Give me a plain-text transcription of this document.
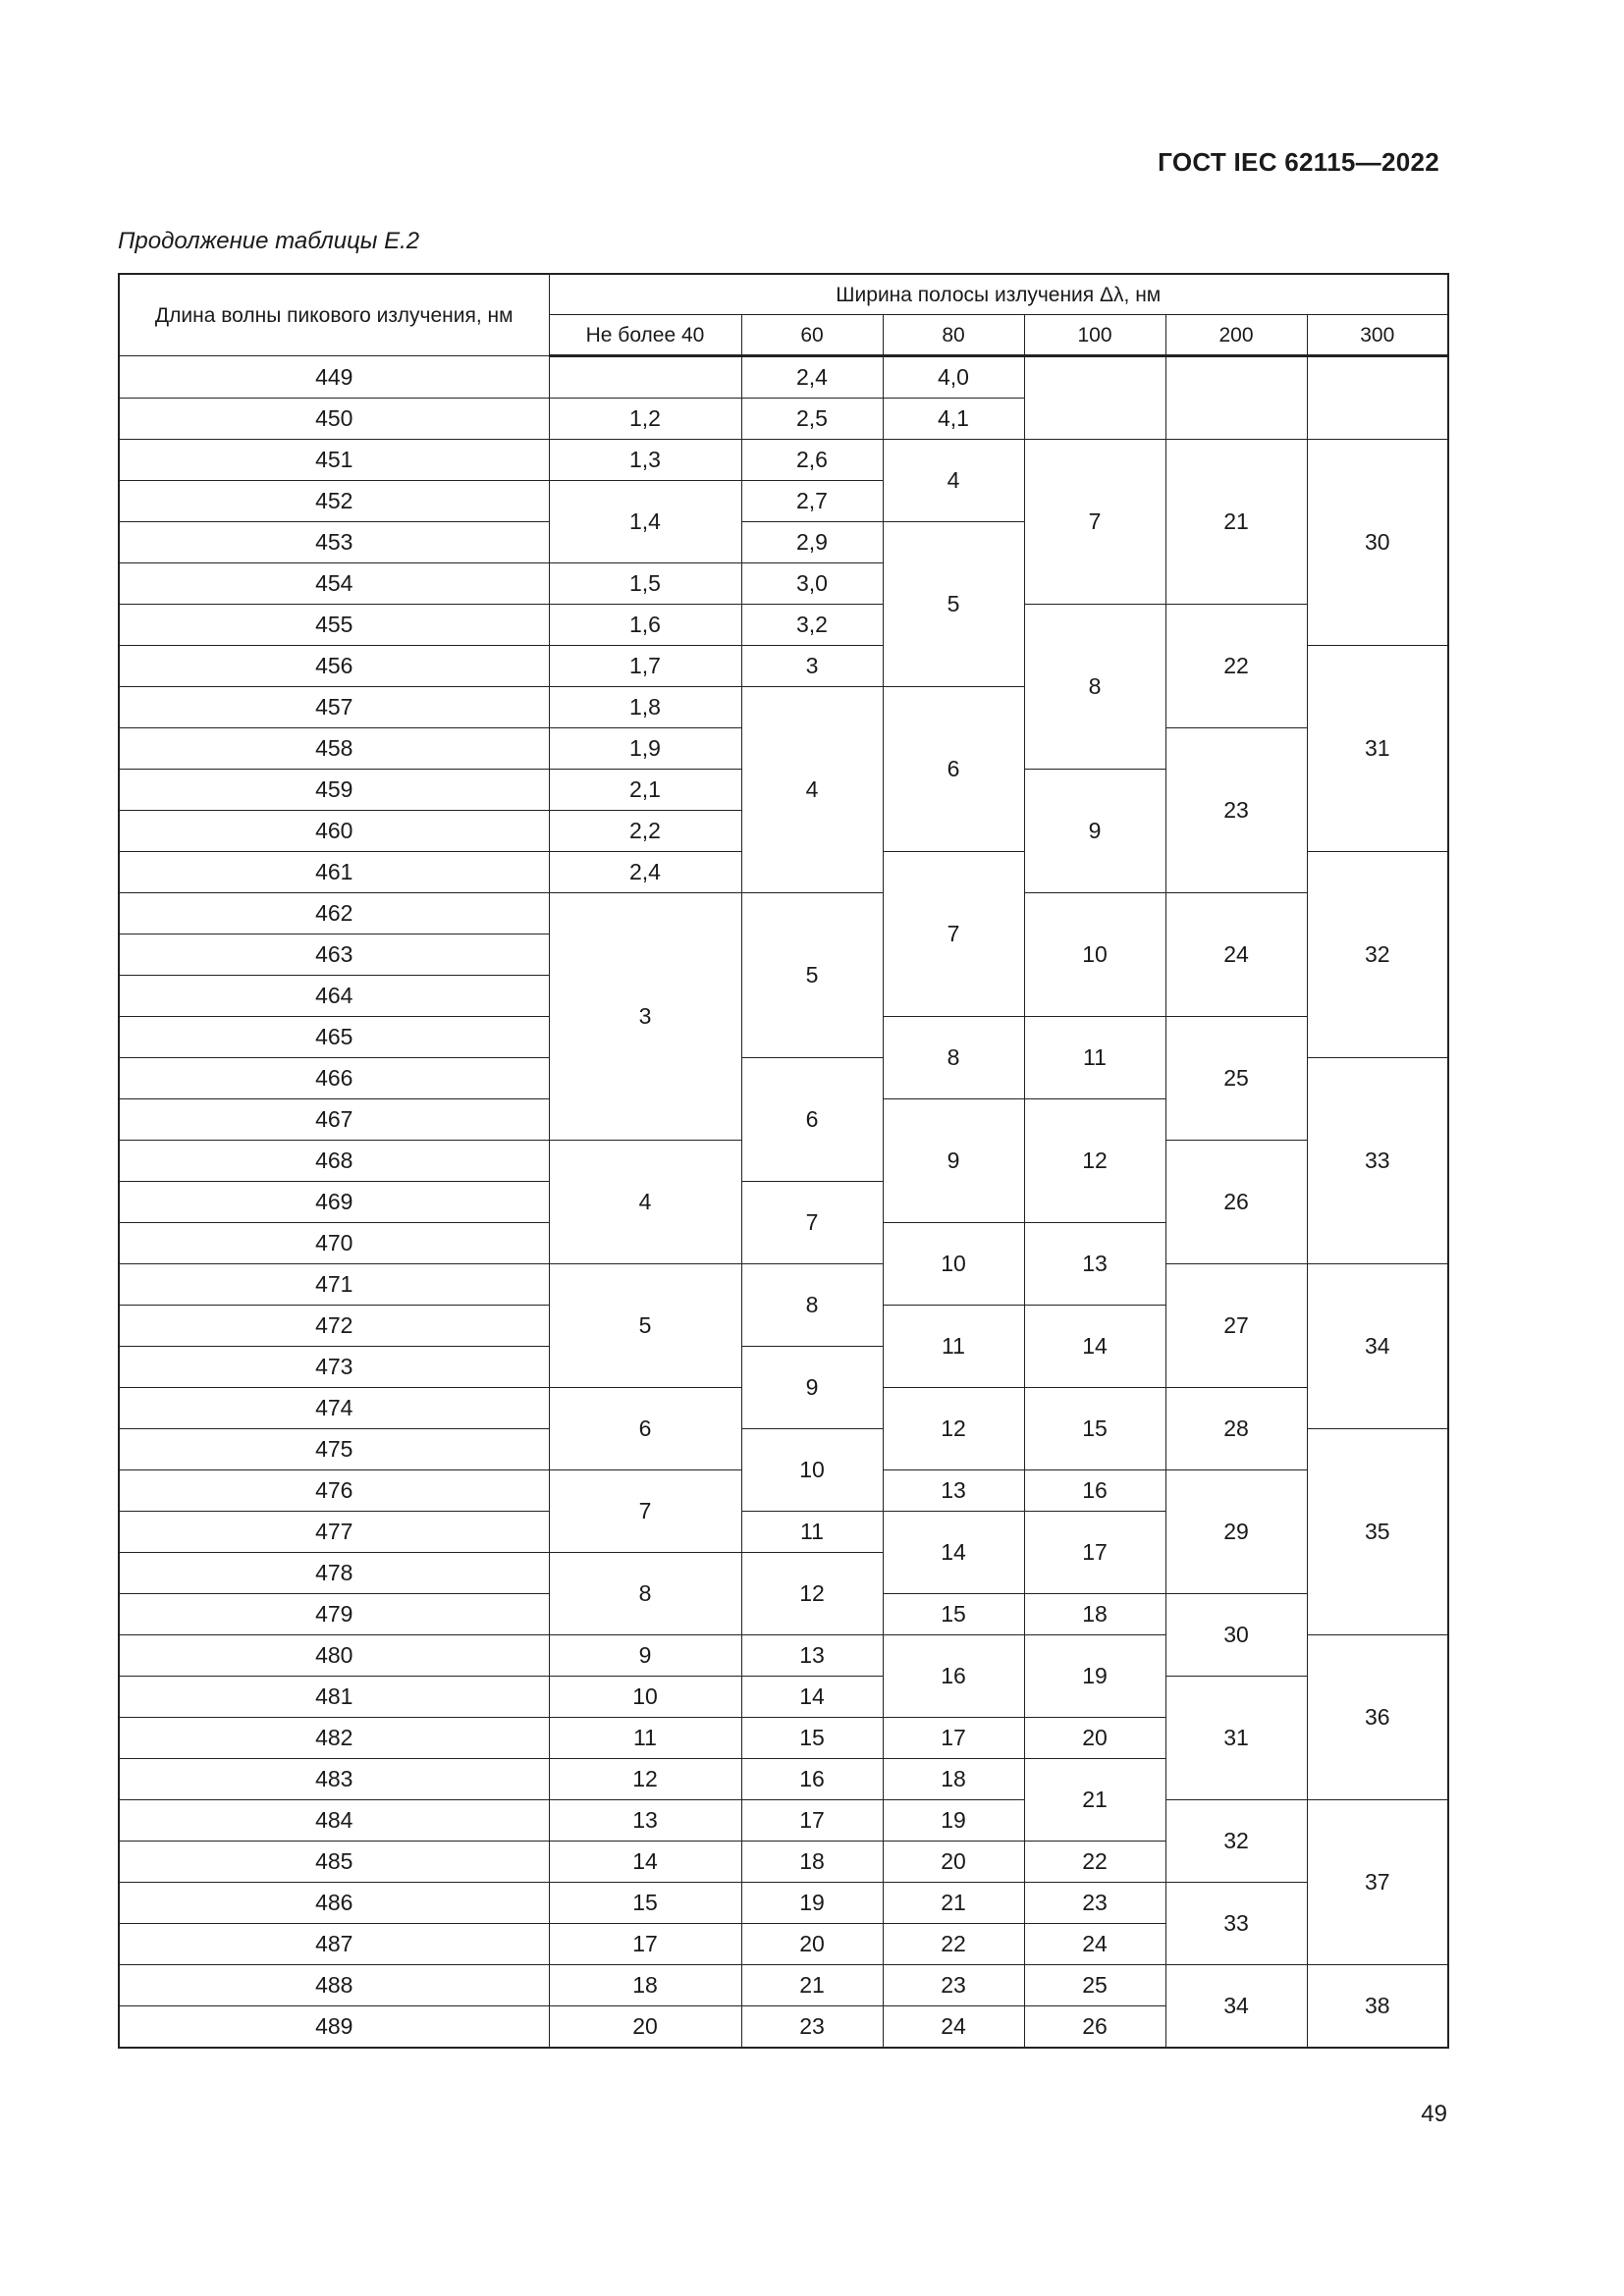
ГОСТ IEC 62115—2022
Продолжение таблицы Е.2
Длина волны пикового излучения, нм	Ширина полосы излучения Δλ, нм					
	Не более 40	60	80	100	200	300
449		2,4	4,0			
450	1,2	2,5	4,1			
451	1,3	2,6	4	7	21	30
452	1,4	2,7				
453		2,9	5			
454	1,5	3,0				
455	1,6	3,2		8	22	
456	1,7	3				31
457	1,8	4	6			
458	1,9				23	
459	2,1			9		
460	2,2					
461	2,4		7			32
462	3	5		10	24	
463						
464						
465			8	11	25	
466		6				33
467			9	12		
468	4				26	
469		7				
470			10	13		
471	5	8			27	34
472			11	14		
473		9				
474	6		12	15	28	
475		10				35
476	7		13	16	29	
477		11	14	17		
478	8	12				
479			15	18	30	
480	9	13	16	19		36
481	10	14			31	
482	11	15	17	20		
483	12	16	18	21		
484	13	17	19		32	37
485	14	18	20	22		
486	15	19	21	23	33	
487	17	20	22	24		
488	18	21	23	25	34	38
489	20	23	24	26		
49
